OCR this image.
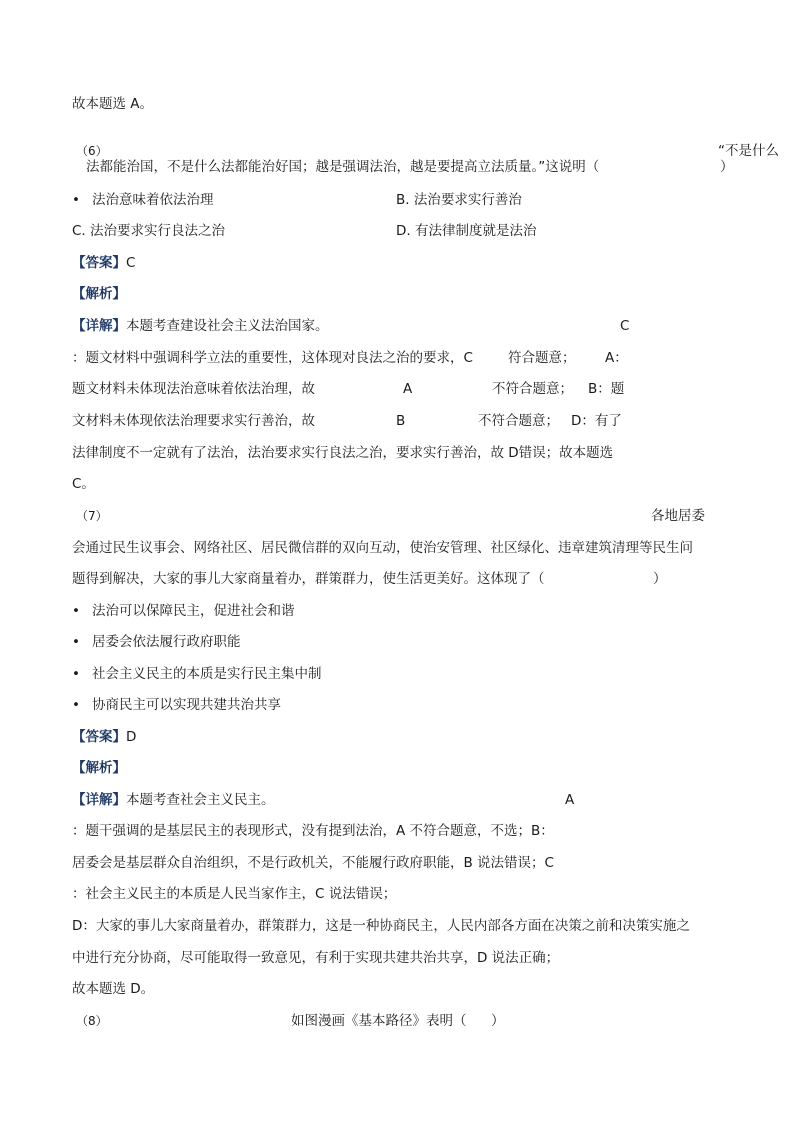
故本题选 A。
（6）	“不是什么
法都能治国，不是什么法都能治好国；越是强调法治，越是要提高立法质量。”这说明（	）
• 法治意味着依法治理	B. 法治要求实行善治
C. 法治要求实行良法之治	D. 有法律制度就是法治
【答案】C
【解析】
【详解】本题考查建设社会主义法治国家。	C
：题文材料中强调科学立法的重要性，这体现对良法之治的要求，C	符合题意； A：
题文材料未体现法治意味着依法治理，故	A	不符合题意； B：题
文材料未体现依法治理要求实行善治，故	B	不符合题意； D：有了
法律制度不一定就有了法治，法治要求实行良法之治，要求实行善治，故 D错误；故本题选
C。
（7）	各地居委
会通过民生议事会、网络社区、居民微信群的双向互动，使治安管理、社区绿化、违章建筑清理等民生问
题得到解决，大家的事儿大家商量着办，群策群力，使生活更美好。这体现了（	）
• 法治可以保障民主，促进社会和谐
• 居委会依法履行政府职能
• 社会主义民主的本质是实行民主集中制
• 协商民主可以实现共建共治共享
【答案】D
【解析】
【详解】本题考查社会主义民主。	A
：题干强调的是基层民主的表现形式，没有提到法治，A 不符合题意，不选；B：
居委会是基层群众自治组织，不是行政机关，不能履行政府职能，B 说法错误；C
：社会主义民主的本质是人民当家作主，C 说法错误；
D：大家的事儿大家商量着办，群策群力，这是一种协商民主，人民内部各方面在决策之前和决策实施之
中进行充分协商，尽可能取得一致意见，有利于实现共建共治共享，D 说法正确；
故本题选 D。
（8）	如图漫画《基本路径》表明（ ）
